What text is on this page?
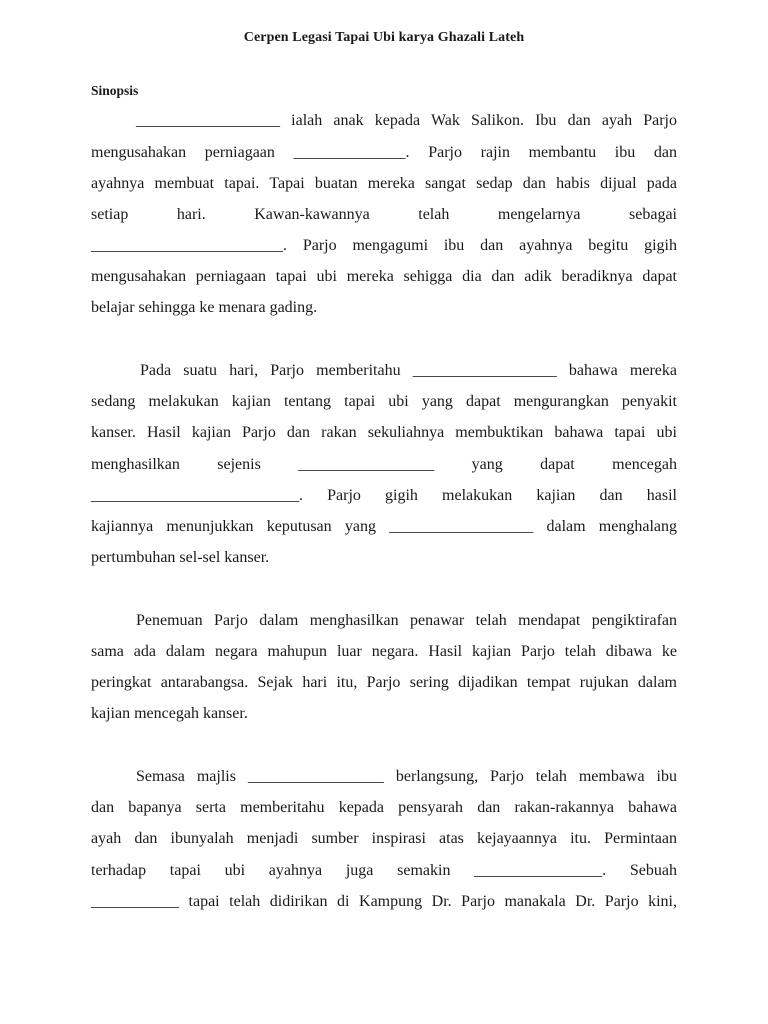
Cerpen Legasi Tapai Ubi karya Ghazali Lateh
Sinopsis
__________________ ialah anak kepada Wak Salikon. Ibu dan ayah Parjo
mengusahakan perniagaan ______________. Parjo rajin membantu ibu dan
ayahnya membuat tapai. Tapai buatan mereka sangat sedap dan habis dijual pada
setiap hari. Kawan-kawannya telah mengelarnya sebagai
________________________. Parjo mengagumi ibu dan ayahnya begitu gigih
mengusahakan perniagaan tapai ubi mereka sehigga dia dan adik beradiknya dapat
belajar sehingga ke menara gading.
Pada suatu hari, Parjo memberitahu __________________ bahawa mereka
sedang melakukan kajian tentang tapai ubi yang dapat mengurangkan penyakit
kanser. Hasil kajian Parjo dan rakan sekuliahnya membuktikan bahawa tapai ubi
menghasilkan sejenis _________________ yang dapat mencegah
__________________________. Parjo gigih melakukan kajian dan hasil
kajiannya menunjukkan keputusan yang __________________ dalam menghalang
pertumbuhan sel-sel kanser.
Penemuan Parjo dalam menghasilkan penawar telah mendapat pengiktirafan
sama ada dalam negara mahupun luar negara. Hasil kajian Parjo telah dibawa ke
peringkat antarabangsa. Sejak hari itu, Parjo sering dijadikan tempat rujukan dalam
kajian mencegah kanser.
Semasa majlis _________________ berlangsung, Parjo telah membawa ibu
dan bapanya serta memberitahu kepada pensyarah dan rakan-rakannya bahawa
ayah dan ibunyalah menjadi sumber inspirasi atas kejayaannya itu. Permintaan
terhadap tapai ubi ayahnya juga semakin ________________. Sebuah
___________ tapai telah didirikan di Kampung Dr. Parjo manakala Dr. Parjo kini,
